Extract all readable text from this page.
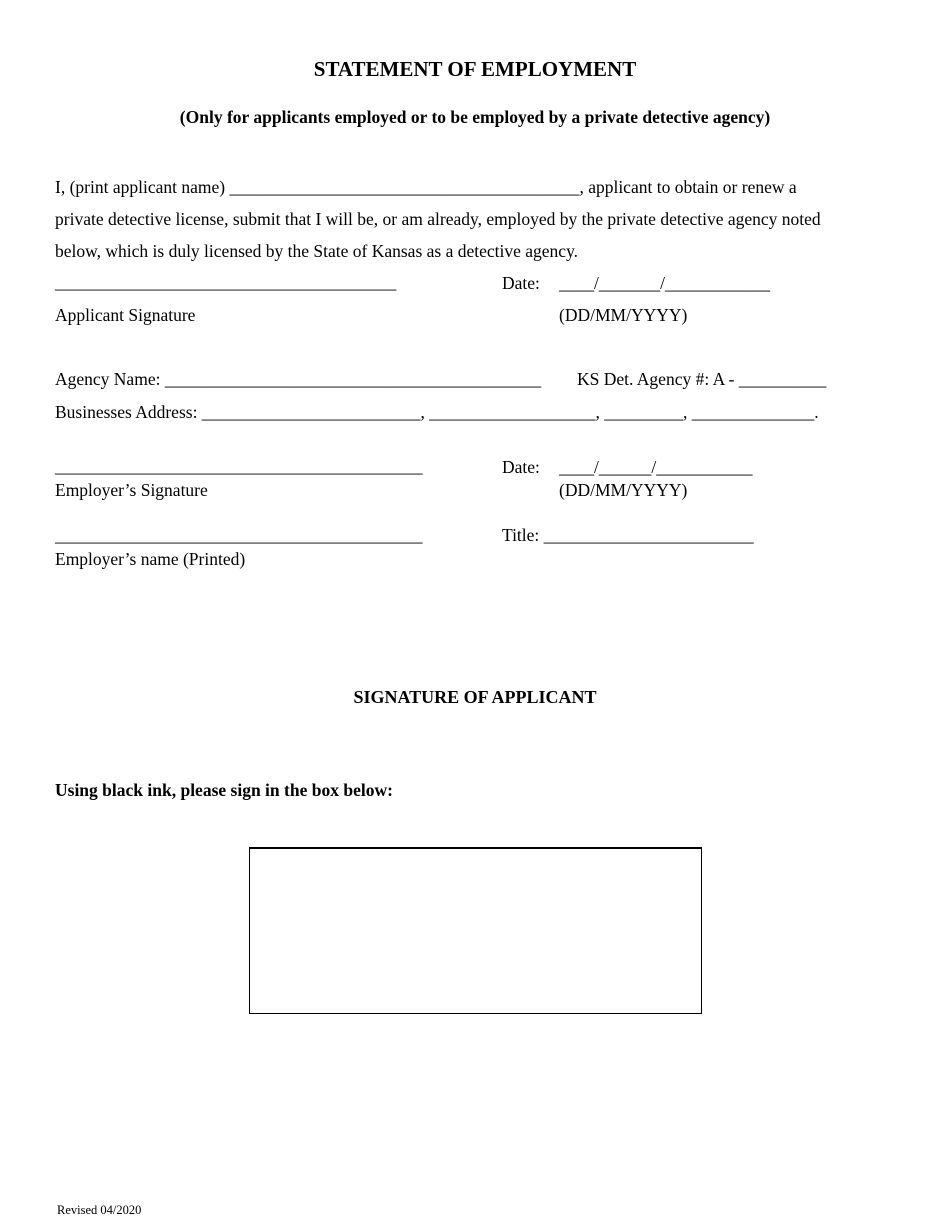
STATEMENT OF EMPLOYMENT
(Only for applicants employed or to be employed by a private detective agency)
I, (print applicant name) ________________________________________, applicant to obtain or renew a
private detective license, submit that I will be, or am already, employed by the private detective agency noted
below, which is duly licensed by the State of Kansas as a detective agency.
_______________________________________	Date: ____/_______/____________
Applicant Signature	(DD/MM/YYYY)
Agency Name: ___________________________________________ KS Det. Agency #: A - __________
Businesses Address: _________________________, ___________________, _________, ______________.
__________________________________________	Date: ____/______/___________
Employer’s Signature	(DD/MM/YYYY)
__________________________________________	Title: ________________________
Employer’s name (Printed)
SIGNATURE OF APPLICANT
Using black ink, please sign in the box below:
Revised 04/2020
